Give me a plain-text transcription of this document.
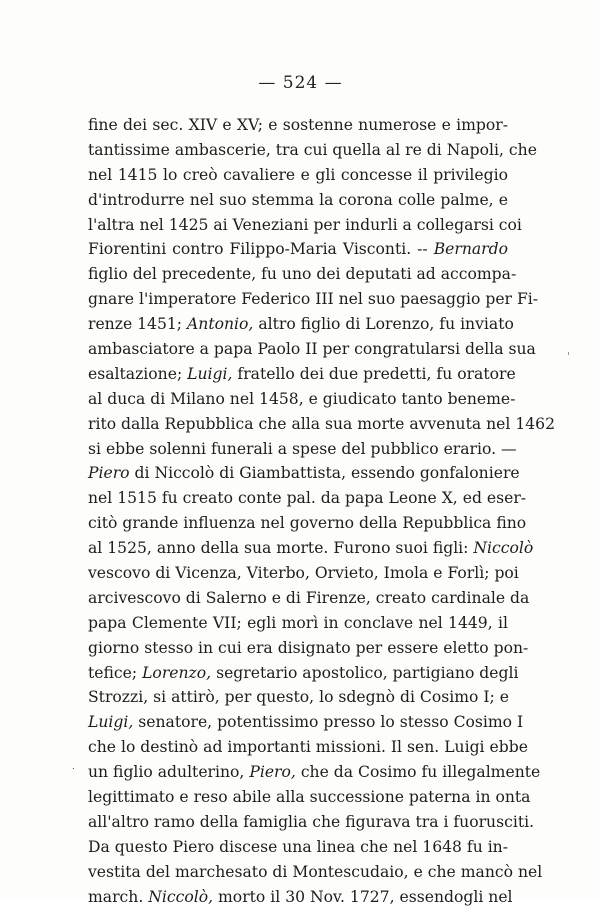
— 524 —
fine dei sec. XIV e XV; e sostenne numerose e impor-
tantissime ambascerie, tra cui quella al re di Napoli, che
nel 1415 lo creò cavaliere e gli concesse il privilegio
d'introdurre nel suo stemma la corona colle palme, e
l'altra nel 1425 ai Veneziani per indurli a collegarsi coi
Fiorentini contro Filippo-Maria Visconti. -- Bernardo
figlio del precedente, fu uno dei deputati ad accompa-
gnare l'imperatore Federico III nel suo paesaggio per Fi-
renze 1451; Antonio, altro figlio di Lorenzo, fu inviato
ambasciatore a papa Paolo II per congratularsi della sua
esaltazione; Luigi, fratello dei due predetti, fu oratore
al duca di Milano nel 1458, e giudicato tanto beneme-
rito dalla Repubblica che alla sua morte avvenuta nel 1462
si ebbe solenni funerali a spese del pubblico erario. —
Piero di Niccolò di Giambattista, essendo gonfaloniere
nel 1515 fu creato conte pal. da papa Leone X, ed eser-
citò grande influenza nel governo della Repubblica fino
al 1525, anno della sua morte. Furono suoi figli: Niccolò
vescovo di Vicenza, Viterbo, Orvieto, Imola e Forlì; poi
arcivescovo di Salerno e di Firenze, creato cardinale da
papa Clemente VII; egli morì in conclave nel 1449, il
giorno stesso in cui era disignato per essere eletto pon-
tefice; Lorenzo, segretario apostolico, partigiano degli
Strozzi, si attirò, per questo, lo sdegnò di Cosimo I; e
Luigi, senatore, potentissimo presso lo stesso Cosimo I
che lo destinò ad importanti missioni. Il sen. Luigi ebbe
un figlio adulterino, Piero, che da Cosimo fu illegalmente
legittimato e reso abile alla successione paterna in onta
all'altro ramo della famiglia che figurava tra i fuorusciti.
Da questo Piero discese una linea che nel 1648 fu in-
vestita del marchesato di Montescudaio, e che mancò nel
march. Niccolò, morto il 30 Nov. 1727, essendogli nel
.
'
